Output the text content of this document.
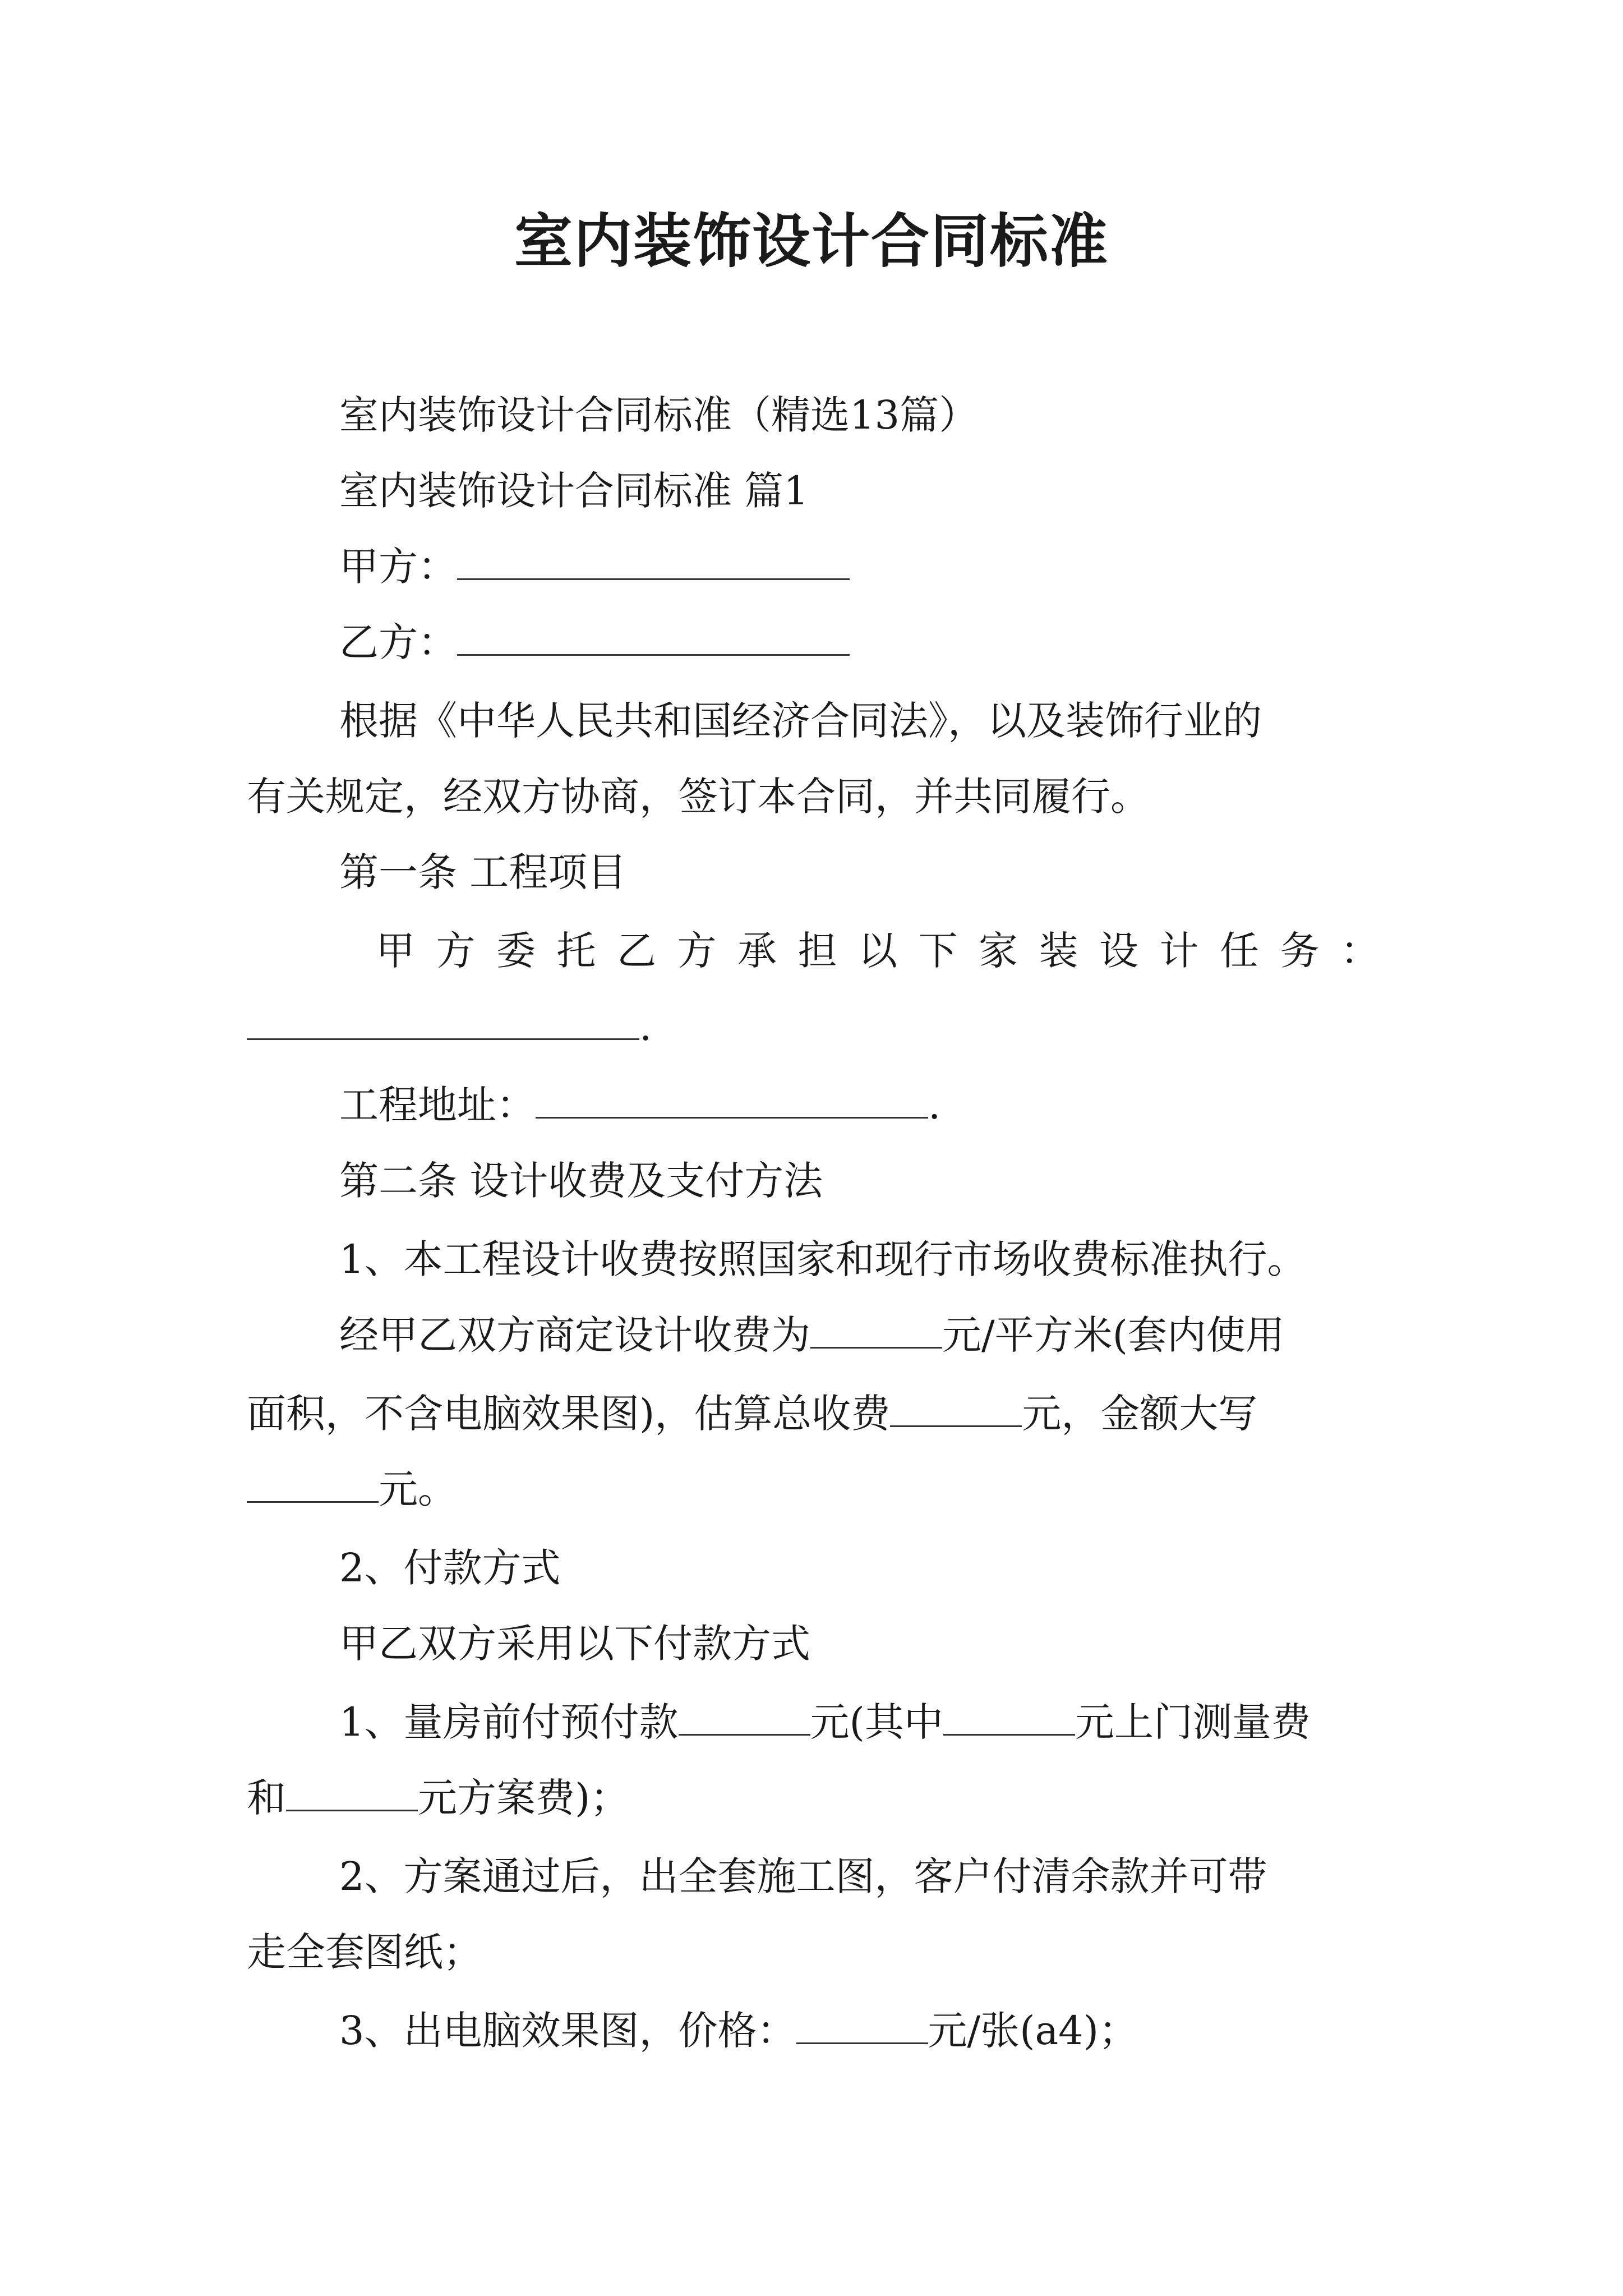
室内装饰设计合同标准

室内装饰设计合同标准（精选13篇）

室内装饰设计合同标准 篇1

甲方：

乙方：

根据《中华人民共和国经济合同法》，以及装饰行业的

有关规定，经双方协商，签订本合同，并共同履行。

第一条 工程项目

甲 方 委 托 乙 方 承 担 以 下 家 装 设 计 任 务 ：

.

工程地址：	.

第二条 设计收费及支付方法

1、本工程设计收费按照国家和现行市场收费标准执行。

经甲乙双方商定设计收费为	元/平方米(套内使用

面积，不含电脑效果图)，估算总收费	元，金额大写

元。

2、付款方式

甲乙双方采用以下付款方式

1、量房前付预付款	元(其中	元上门测量费

和	元方案费)；

2、方案通过后，出全套施工图，客户付清余款并可带

走全套图纸；

3、出电脑效果图，价格：	元/张(a4)；
